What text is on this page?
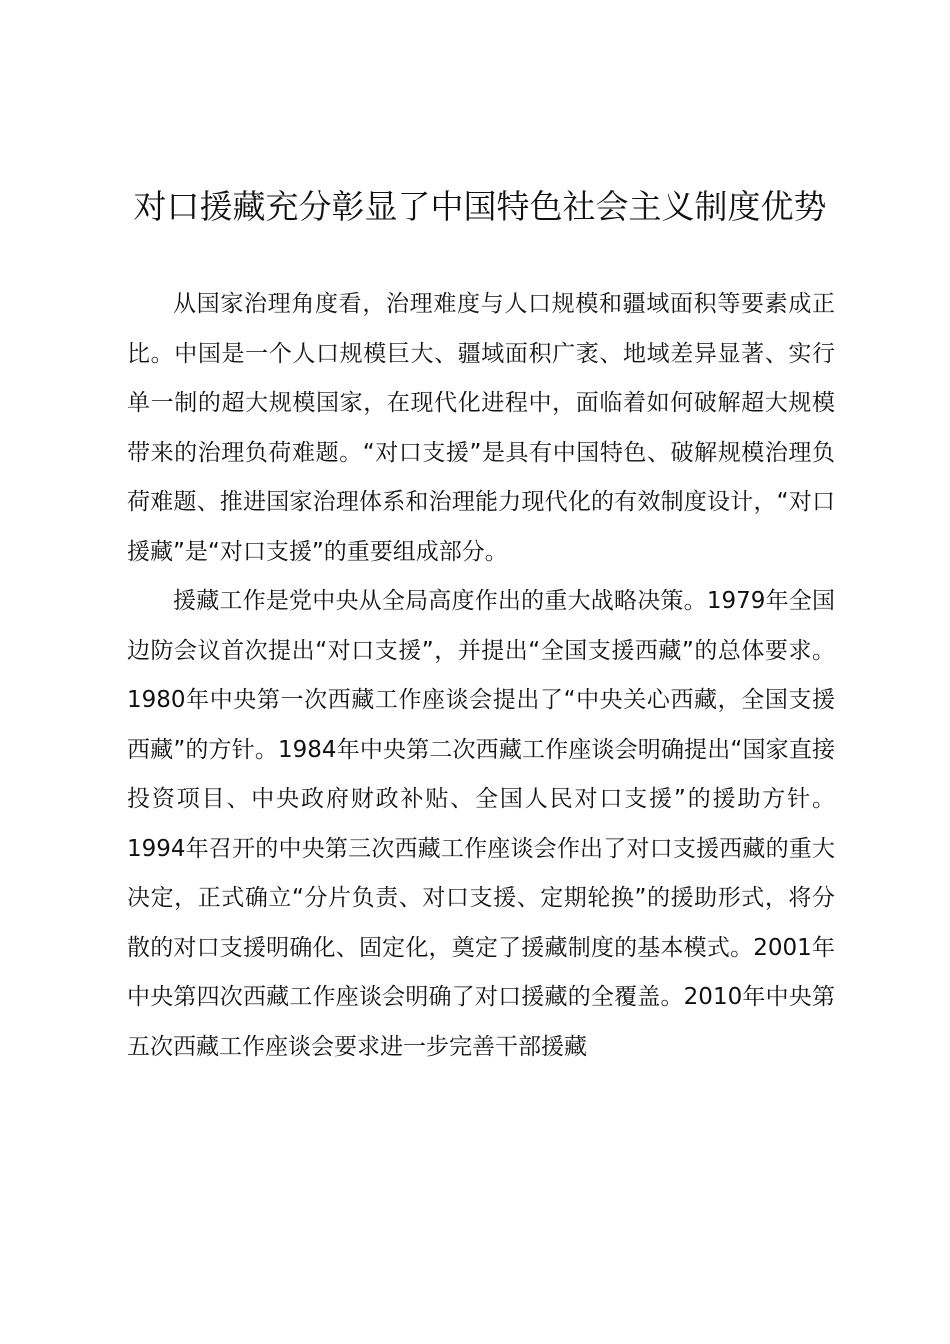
对口援藏充分彰显了中国特色社会主义制度优势

从国家治理角度看，治理难度与人口规模和疆域面积等要素成正比。中国是一个人口规模巨大、疆域面积广袤、地域差异显著、实行单一制的超大规模国家，在现代化进程中，面临着如何破解超大规模带来的治理负荷难题。“对口支援”是具有中国特色、破解规模治理负荷难题、推进国家治理体系和治理能力现代化的有效制度设计，“对口援藏”是“对口支援”的重要组成部分。

援藏工作是党中央从全局高度作出的重大战略决策。1979年全国边防会议首次提出“对口支援”，并提出“全国支援西藏”的总体要求。1980年中央第一次西藏工作座谈会提出了“中央关心西藏，全国支援西藏”的方针。1984年中央第二次西藏工作座谈会明确提出“国家直接投资项目、中央政府财政补贴、全国人民对口支援”的援助方针。1994年召开的中央第三次西藏工作座谈会作出了对口支援西藏的重大决定，正式确立“分片负责、对口支援、定期轮换”的援助形式，将分散的对口支援明确化、固定化，奠定了援藏制度的基本模式。2001年中央第四次西藏工作座谈会明确了对口援藏的全覆盖。2010年中央第五次西藏工作座谈会要求进一步完善干部援藏
